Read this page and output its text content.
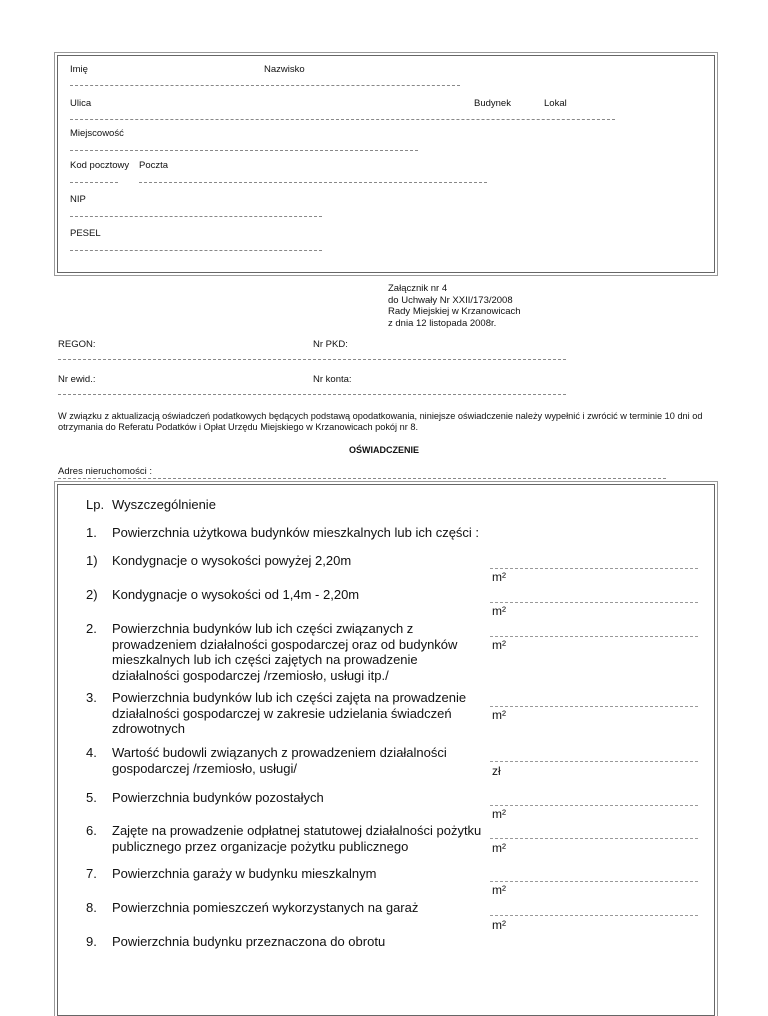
Imię	Nazwisko
Ulica	Budynek	Lokal
Miejscowość
Kod pocztowy Poczta
NIP
PESEL
Załącznik nr 4
do Uchwały Nr XXII/173/2008
Rady Miejskiej w Krzanowicach
z dnia 12 listopada 2008r.
REGON:	Nr PKD:
Nr ewid.:	Nr konta:
W związku z aktualizacją oświadczeń podatkowych będących podstawą opodatkowania, niniejsze oświadczenie należy wypełnić i zwrócić w terminie 10 dni od otrzymania do Referatu Podatków i Opłat Urzędu Miejskiego w Krzanowicach pokój nr 8.
OŚWIADCZENIE
Adres nieruchomości :
Lp. Wyszczególnienie
1. Powierzchnia użytkowa budynków mieszkalnych lub ich części :
1) Kondygnacje o wysokości powyżej 2,20m
m²
2) Kondygnacje o wysokości od 1,4m - 2,20m
m²
2. Powierzchnia budynków lub ich części związanych z prowadzeniem działalności gospodarczej oraz od budynków mieszkalnych lub ich części zajętych na prowadzenie działalności gospodarczej /rzemiosło, usługi itp./
m²
3. Powierzchnia budynków lub ich części zajęta na prowadzenie działalności gospodarczej w zakresie udzielania świadczeń zdrowotnych
m²
4. Wartość budowli związanych z prowadzeniem działalności gospodarczej /rzemiosło, usługi/	zł
5. Powierzchnia budynków pozostałych
m²
6. Zajęte na prowadzenie odpłatnej statutowej działalności pożytku publicznego przez organizacje pożytku publicznego	m²
7. Powierzchnia garaży w budynku mieszkalnym
m²
8. Powierzchnia pomieszczeń wykorzystanych na garaż
m²
9. Powierzchnia budynku przeznaczona do obrotu
